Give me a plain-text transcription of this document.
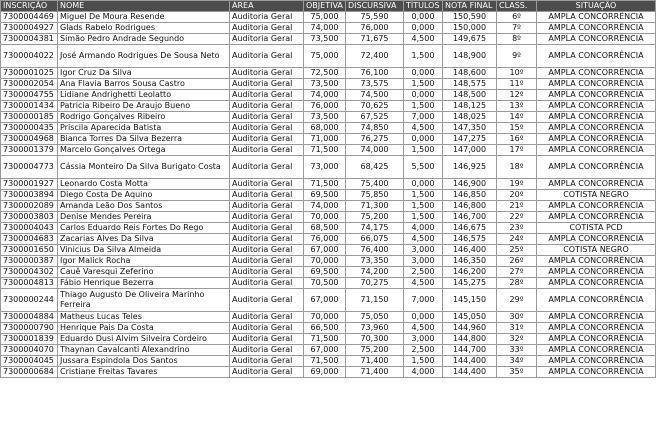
INSCRIÇÃO	NOME	ÁREA	OBJETIVA	DISCURSIVA	TÍTULOS	NOTA FINAL	CLASS.	SITUAÇÃO
7300004469	Miguel De Moura Resende	Auditoria Geral	75,000	75,590	0,000	150,590	6º	AMPLA CONCORRÊNCIA
7300004927	Glads Rabelo Rodrigues	Auditoria Geral	74,000	76,000	0,000	150,000	7º	AMPLA CONCORRÊNCIA
7300004381	Simão Pedro Andrade Segundo	Auditoria Geral	73,500	71,675	4,500	149,675	8º	AMPLA CONCORRÊNCIA
7300004022	José Armando Rodrigues De Sousa Neto	Auditoria Geral	75,000	72,400	1,500	148,900	9º	AMPLA CONCORRÊNCIA
7300001025	Igor Cruz Da Silva	Auditoria Geral	72,500	76,100	0,000	148,600	10º	AMPLA CONCORRÊNCIA
7300002054	Ana Flavia Barros Sousa Castro	Auditoria Geral	73,500	73,575	1,500	148,575	11º	AMPLA CONCORRÊNCIA
7300004755	Lidiane Andrighetti Leolatto	Auditoria Geral	74,000	74,500	0,000	148,500	12º	AMPLA CONCORRÊNCIA
7300001434	Patricia Ribeiro De Araujo Bueno	Auditoria Geral	76,000	70,625	1,500	148,125	13º	AMPLA CONCORRÊNCIA
7300000185	Rodrigo Gonçalves Ribeiro	Auditoria Geral	73,500	67,525	7,000	148,025	14º	AMPLA CONCORRÊNCIA
7300000435	Priscila Aparecida Batista	Auditoria Geral	68,000	74,850	4,500	147,350	15º	AMPLA CONCORRÊNCIA
7300004968	Bianca Torres Da Silva Bezerra	Auditoria Geral	71,000	76,275	0,000	147,275	16º	AMPLA CONCORRÊNCIA
7300001379	Marcelo Gonçalves Ortega	Auditoria Geral	71,500	74,000	1,500	147,000	17º	AMPLA CONCORRÊNCIA
7300004773	Cássia Monteiro Da Silva Burigato Costa	Auditoria Geral	73,000	68,425	5,500	146,925	18º	AMPLA CONCORRÊNCIA
7300001927	Leonardo Costa Motta	Auditoria Geral	71,500	75,400	0,000	146,900	19º	AMPLA CONCORRÊNCIA
7300003894	Diego Costa De Aquino	Auditoria Geral	69,500	75,850	1,500	146,850	20º	COTISTA NEGRO
7300002089	Amanda Leão Dos Santos	Auditoria Geral	74,000	71,300	1,500	146,800	21º	AMPLA CONCORRÊNCIA
7300003803	Denise Mendes Pereira	Auditoria Geral	70,000	75,200	1,500	146,700	22º	AMPLA CONCORRÊNCIA
7300004043	Carlos Eduardo Reis Fortes Do Rego	Auditoria Geral	68,500	74,175	4,000	146,675	23º	COTISTA PCD
7300004683	Zacarias Alves Da Silva	Auditoria Geral	76,000	66,075	4,500	146,575	24º	AMPLA CONCORRÊNCIA
7300001650	Vinicius Da Silva Almeida	Auditoria Geral	67,000	76,400	3,000	146,400	25º	COTISTA NEGRO
7300000387	Igor Malick Rocha	Auditoria Geral	70,000	73,350	3,000	146,350	26º	AMPLA CONCORRÊNCIA
7300004302	Cauê Varesqui Zeferino	Auditoria Geral	69,500	74,200	2,500	146,200	27º	AMPLA CONCORRÊNCIA
7300004813	Fábio Henrique Bezerra	Auditoria Geral	70,500	70,275	4,500	145,275	28º	AMPLA CONCORRÊNCIA
7300000244	Thiago Augusto De Oliveira Marinho Ferreira	Auditoria Geral	67,000	71,150	7,000	145,150	29º	AMPLA CONCORRÊNCIA
7300004884	Matheus Lucas Teles	Auditoria Geral	70,000	75,050	0,000	145,050	30º	AMPLA CONCORRÊNCIA
7300000790	Henrique Pais Da Costa	Auditoria Geral	66,500	73,960	4,500	144,960	31º	AMPLA CONCORRÊNCIA
7300001839	Eduardo Dusi Alvim Silveira Cordeiro	Auditoria Geral	71,500	70,300	3,000	144,800	32º	AMPLA CONCORRÊNCIA
7300004070	Thaynan Cavalcanti Alexandrino	Auditoria Geral	67,000	75,200	2,500	144,700	33º	AMPLA CONCORRÊNCIA
7300004045	Jussara Espindola Dos Santos	Auditoria Geral	71,500	71,400	1,500	144,400	34º	AMPLA CONCORRÊNCIA
7300000684	Cristiane Freitas Tavares	Auditoria Geral	69,000	71,400	4,000	144,400	35º	AMPLA CONCORRÊNCIA
